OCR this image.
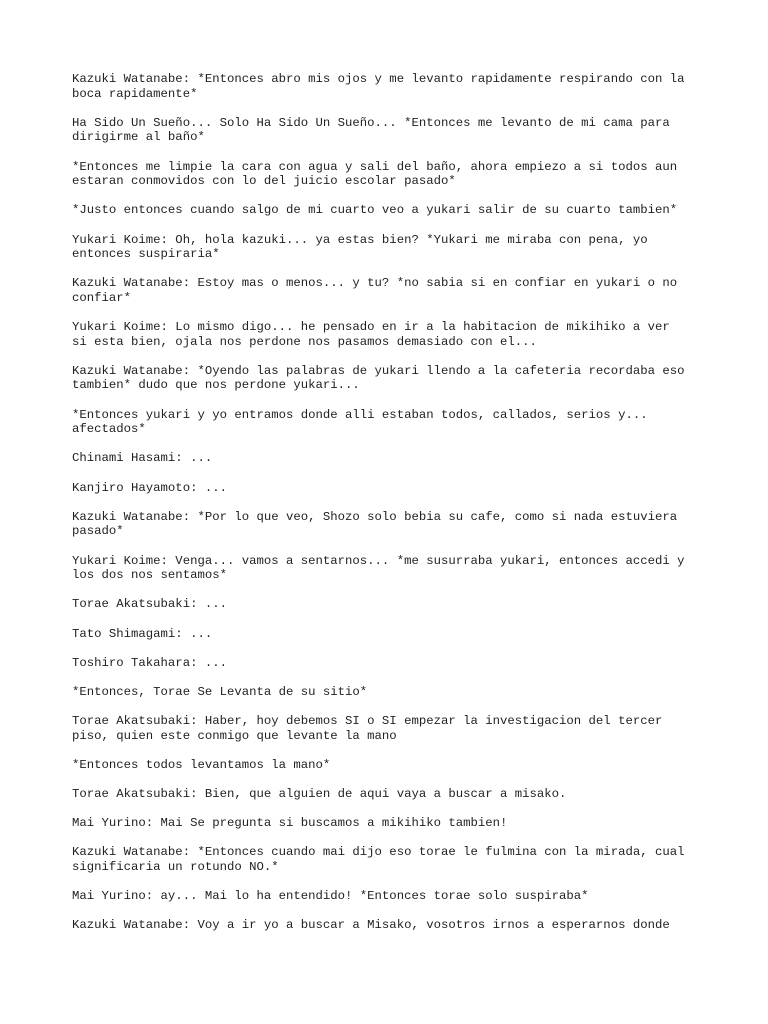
Kazuki Watanabe: *Entonces abro mis ojos y me levanto rapidamente respirando con la
boca rapidamente*

Ha Sido Un Sueño... Solo Ha Sido Un Sueño... *Entonces me levanto de mi cama para
dirigirme al baño*

*Entonces me limpie la cara con agua y sali del baño, ahora empiezo a si todos aun
estaran conmovidos con lo del juicio escolar pasado*

*Justo entonces cuando salgo de mi cuarto veo a yukari salir de su cuarto tambien*

Yukari Koime: Oh, hola kazuki... ya estas bien? *Yukari me miraba con pena, yo
entonces suspiraria*

Kazuki Watanabe: Estoy mas o menos... y tu? *no sabia si en confiar en yukari o no
confiar*

Yukari Koime: Lo mismo digo... he pensado en ir a la habitacion de mikihiko a ver
si esta bien, ojala nos perdone nos pasamos demasiado con el...

Kazuki Watanabe: *Oyendo las palabras de yukari llendo a la cafeteria recordaba eso
tambien* dudo que nos perdone yukari...

*Entonces yukari y yo entramos donde alli estaban todos, callados, serios y...
afectados*

Chinami Hasami: ...

Kanjiro Hayamoto: ...

Kazuki Watanabe: *Por lo que veo, Shozo solo bebia su cafe, como si nada estuviera
pasado*

Yukari Koime: Venga... vamos a sentarnos... *me susurraba yukari, entonces accedi y
los dos nos sentamos*

Torae Akatsubaki: ...

Tato Shimagami: ...

Toshiro Takahara: ...

*Entonces, Torae Se Levanta de su sitio*

Torae Akatsubaki: Haber, hoy debemos SI o SI empezar la investigacion del tercer
piso, quien este conmigo que levante la mano

*Entonces todos levantamos la mano*

Torae Akatsubaki: Bien, que alguien de aqui vaya a buscar a misako.

Mai Yurino: Mai Se pregunta si buscamos a mikihiko tambien!

Kazuki Watanabe: *Entonces cuando mai dijo eso torae le fulmina con la mirada, cual
significaria un rotundo NO.*

Mai Yurino: ay... Mai lo ha entendido! *Entonces torae solo suspiraba*

Kazuki Watanabe: Voy a ir yo a buscar a Misako, vosotros irnos a esperarnos donde
